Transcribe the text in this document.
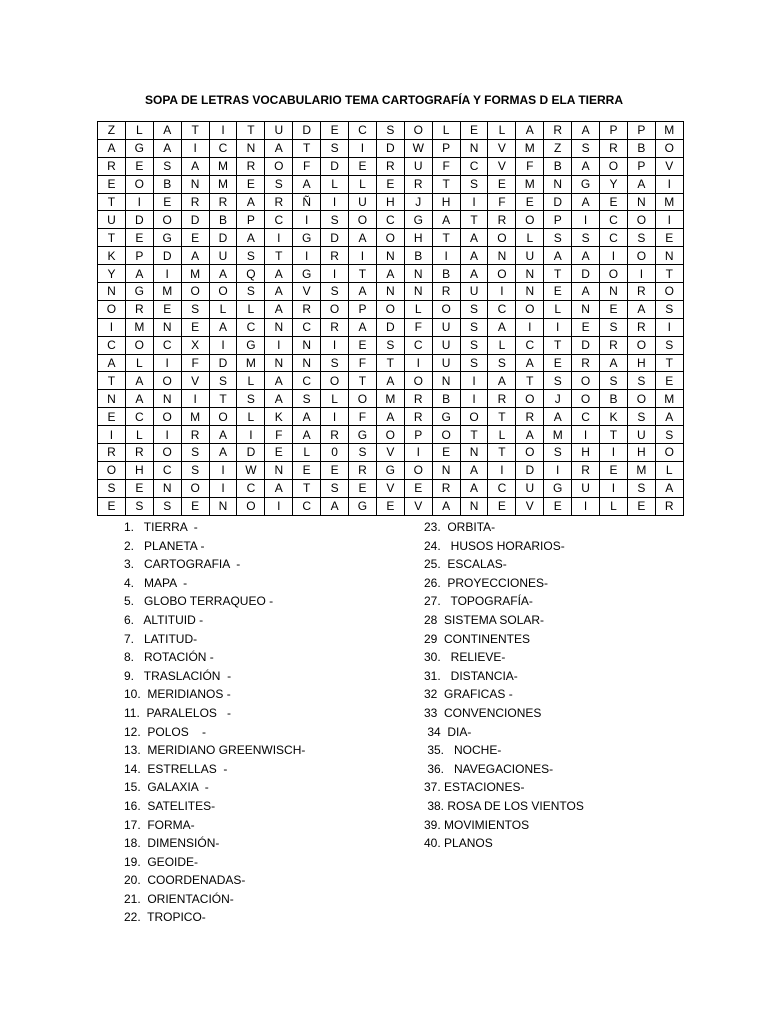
SOPA DE LETRAS VOCABULARIO TEMA CARTOGRAFÍA Y FORMAS D ELA TIERRA
Z	L	A	T	I	T	U	D	E	C	S	O	L	E	L	A	R	A	P	P	M
A	G	A	I	C	N	A	T	S	I	D	W	P	N	V	M	Z	S	R	B	O
R	E	S	A	M	R	O	F	D	E	R	U	F	C	V	F	B	A	O	P	V
E	O	B	N	M	E	S	A	L	L	E	R	T	S	E	M	N	G	Y	A	I
T	I	E	R	R	A	R	Ñ	I	U	H	J	H	I	F	E	D	A	E	N	M
U	D	O	D	B	P	C	I	S	O	C	G	A	T	R	O	P	I	C	O	I
T	E	G	E	D	A	I	G	D	A	O	H	T	A	O	L	S	S	C	S	E
K	P	D	A	U	S	T	I	R	I	N	B	I	A	N	U	A	A	I	O	N
Y	A	I	M	A	Q	A	G	I	T	A	N	B	A	O	N	T	D	O	I	T
N	G	M	O	O	S	A	V	S	A	N	N	R	U	I	N	E	A	N	R	O
O	R	E	S	L	L	A	R	O	P	O	L	O	S	C	O	L	N	E	A	S
I	M	N	E	A	C	N	C	R	A	D	F	U	S	A	I	I	E	S	R	I
C	O	C	X	I	G	I	N	I	E	S	C	U	S	L	C	T	D	R	O	S
A	L	I	F	D	M	N	N	S	F	T	I	U	S	S	A	E	R	A	H	T
T	A	O	V	S	L	A	C	O	T	A	O	N	I	A	T	S	O	S	S	E
N	A	N	I	T	S	A	S	L	O	M	R	B	I	R	O	J	O	B	O	M
E	C	O	M	O	L	K	A	I	F	A	R	G	O	T	R	A	C	K	S	A
I	L	I	R	A	I	F	A	R	G	O	P	O	T	L	A	M	I	T	U	S
R	R	O	S	A	D	E	L	0	S	V	I	E	N	T	O	S	H	I	H	O
O	H	C	S	I	W	N	E	E	R	G	O	N	A	I	D	I	R	E	M	L
S	E	N	O	I	C	A	T	S	E	V	E	R	A	C	U	G	U	I	S	A
E	S	S	E	N	O	I	C	A	G	E	V	A	N	E	V	E	I	L	E	R
1.   TIERRA  -
2.   PLANETA -
3.   CARTOGRAFIA  -
4.   MAPA  -
5.   GLOBO TERRAQUEO -
6.   ALTITUID -
7.   LATITUD-
8.   ROTACIÓN -
9.   TRASLACIÓN  -
10.  MERIDIANOS -
11.  PARALELOS   -
12.  POLOS    -
13.  MERIDIANO GREENWISCH-
14.  ESTRELLAS  -
15.  GALAXIA  -
16.  SATELITES-
17.  FORMA-
18.  DIMENSIÓN-
19.  GEOIDE-
20.  COORDENADAS-
21.  ORIENTACIÓN-
22.  TROPICO-
23.  ORBITA-
24.   HUSOS HORARIOS-
25.  ESCALAS-
26.  PROYECCIONES-
27.   TOPOGRAFÍA-
28  SISTEMA SOLAR-
29  CONTINENTES
30.   RELIEVE-
31.   DISTANCIA-
32  GRAFICAS -
33  CONVENCIONES
34  DIA-
35.   NOCHE-
36.   NAVEGACIONES-
37. ESTACIONES-
38. ROSA DE LOS VIENTOS
39. MOVIMIENTOS
40. PLANOS
